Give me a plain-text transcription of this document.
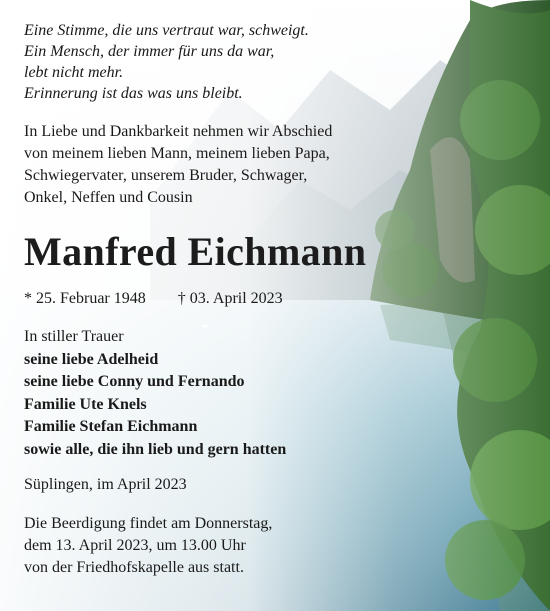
Eine Stimme, die uns vertraut war, schweigt.
Ein Mensch, der immer für uns da war,
lebt nicht mehr.
Erinnerung ist das was uns bleibt.
In Liebe und Dankbarkeit nehmen wir Abschied
von meinem lieben Mann, meinem lieben Papa,
Schwiegervater, unserem Bruder, Schwager,
Onkel, Neffen und Cousin
Manfred Eichmann
* 25. Februar 1948 † 03. April 2023
In stiller Trauer
seine liebe Adelheid
seine liebe Conny und Fernando
Familie Ute Knels
Familie Stefan Eichmann
sowie alle, die ihn lieb und gern hatten
Süplingen, im April 2023
Die Beerdigung findet am Donnerstag,
dem 13. April 2023, um 13.00 Uhr
von der Friedhofskapelle aus statt.
